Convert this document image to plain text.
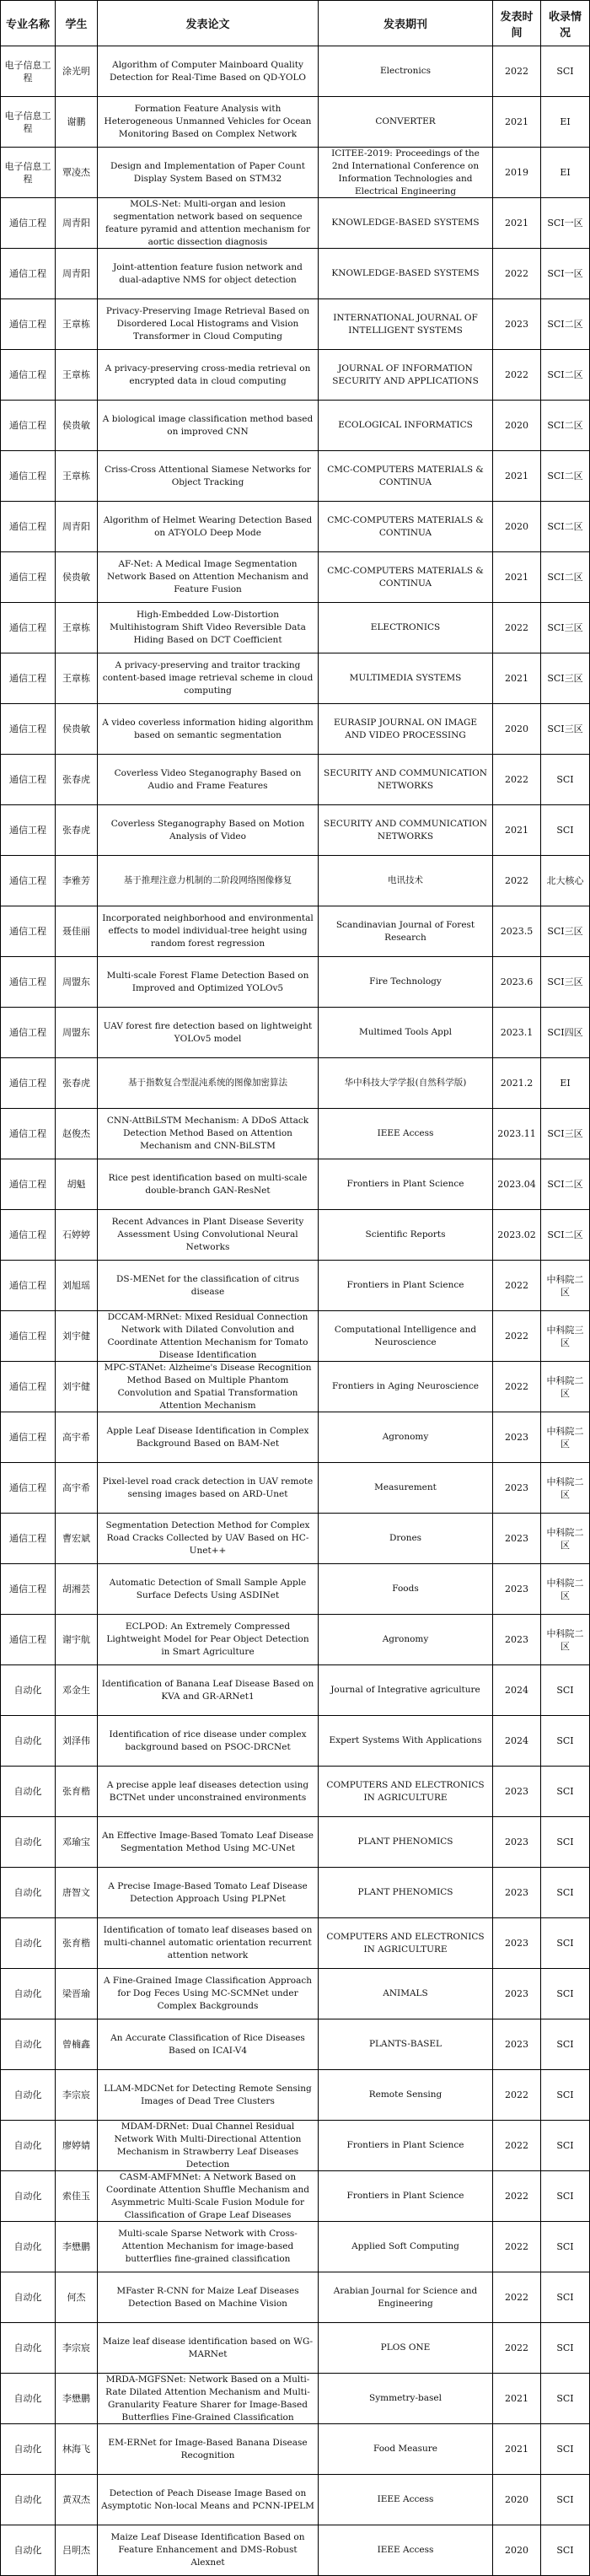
专业名称	学生	发表论文	发表期刊	发表时间	收录情况

电子信息工程	涂光明	Algorithm of Computer Mainboard Quality Detection for Real-Time Based on QD-YOLO	Electronics	2022	SCI

电子信息工程	谢鹏	Formation Feature Analysis with Heterogeneous Unmanned Vehicles for Ocean Monitoring Based on Complex Network	CONVERTER	2021	EI

电子信息工程	覃凌杰	Design and Implementation of Paper Count Display System Based on STM32	ICITEE-2019: Proceedings of the 2nd International Conference on Information Technologies and Electrical Engineering	2019	EI

通信工程	周青阳	MOLS-Net: Multi-organ and lesion segmentation network based on sequence feature pyramid and attention mechanism for aortic dissection diagnosis	KNOWLEDGE-BASED SYSTEMS	2021	SCI一区

通信工程	周青阳	Joint-attention feature fusion network and dual-adaptive NMS for object detection	KNOWLEDGE-BASED SYSTEMS	2022	SCI一区

通信工程	王章栋	Privacy-Preserving Image Retrieval Based on Disordered Local Histograms and Vision Transformer in Cloud Computing	INTERNATIONAL JOURNAL OF INTELLIGENT SYSTEMS	2023	SCI二区

通信工程	王章栋	A privacy-preserving cross-media retrieval on encrypted data in cloud computing	JOURNAL OF INFORMATION SECURITY AND APPLICATIONS	2022	SCI二区

通信工程	侯贵敏	A biological image classification method based on improved CNN	ECOLOGICAL INFORMATICS	2020	SCI二区

通信工程	王章栋	Criss-Cross Attentional Siamese Networks for Object Tracking	CMC-COMPUTERS MATERIALS & CONTINUA	2021	SCI二区

通信工程	周青阳	Algorithm of Helmet Wearing Detection Based on AT-YOLO Deep Mode	CMC-COMPUTERS MATERIALS & CONTINUA	2020	SCI二区

通信工程	侯贵敏	AF-Net: A Medical Image Segmentation Network Based on Attention Mechanism and Feature Fusion	CMC-COMPUTERS MATERIALS & CONTINUA	2021	SCI二区

通信工程	王章栋	High-Embedded Low-Distortion Multihistogram Shift Video Reversible Data Hiding Based on DCT Coefficient	ELECTRONICS	2022	SCI三区

通信工程	王章栋	A privacy-preserving and traitor tracking content-based image retrieval scheme in cloud computing	MULTIMEDIA SYSTEMS	2021	SCI三区

通信工程	侯贵敏	A video coverless information hiding algorithm based on semantic segmentation	EURASIP JOURNAL ON IMAGE AND VIDEO PROCESSING	2020	SCI三区

通信工程	张春虎	Coverless Video Steganography Based on Audio and Frame Features	SECURITY AND COMMUNICATION NETWORKS	2022	SCI

通信工程	张春虎	Coverless Steganography Based on Motion Analysis of Video	SECURITY AND COMMUNICATION NETWORKS	2021	SCI

通信工程	李雅芳	基于推理注意力机制的二阶段网络图像修复	电讯技术	2022	北大核心

通信工程	聂佳丽	Incorporated neighborhood and environmental effects to model individual-tree height using random forest regression	Scandinavian Journal of Forest Research	2023.5	SCI三区

通信工程	周盟东	Multi-scale Forest Flame Detection Based on Improved and Optimized YOLOv5	Fire Technology	2023.6	SCI三区

通信工程	周盟东	UAV forest fire detection based on lightweight YOLOv5 model	Multimed Tools Appl	2023.1	SCI四区

通信工程	张春虎	基于指数复合型混沌系统的图像加密算法	华中科技大学学报(自然科学版)	2021.2	EI

通信工程	赵俊杰	CNN-AttBiLSTM Mechanism: A DDoS Attack Detection Method Based on Attention Mechanism and CNN-BiLSTM	IEEE Access	2023.11	SCI三区

通信工程	胡魁	Rice pest identification based on multi-scale double-branch GAN-ResNet	Frontiers in Plant Science	2023.04	SCI二区

通信工程	石婷婷	Recent Advances in Plant Disease Severity Assessment Using Convolutional Neural Networks	Scientific Reports	2023.02	SCI二区

通信工程	刘旭瑶	DS-MENet for the classification of citrus disease	Frontiers in Plant Science	2022	中科院二区

通信工程	刘宇健	DCCAM-MRNet: Mixed Residual Connection Network with Dilated Convolution and Coordinate Attention Mechanism for Tomato Disease Identification	Computational Intelligence and Neuroscience	2022	中科院三区

通信工程	刘宇健	MPC-STANet: Alzheime's Disease Recognition Method Based on Multiple Phantom Convolution and Spatial Transformation Attention Mechanism	Frontiers in Aging Neuroscience	2022	中科院二区

通信工程	高宇希	Apple Leaf Disease Identification in Complex Background Based on BAM-Net	Agronomy	2023	中科院二区

通信工程	高宇希	Pixel-level road crack detection in UAV remote sensing images based on ARD-Unet	Measurement	2023	中科院二区

通信工程	曹宏斌	Segmentation Detection Method for Complex Road Cracks Collected by UAV Based on HC-Unet++	Drones	2023	中科院二区

通信工程	胡湘芸	Automatic Detection of Small Sample Apple Surface Defects Using ASDINet	Foods	2023	中科院二区

通信工程	谢宇航	ECLPOD: An Extremely Compressed Lightweight Model for Pear Object Detection in Smart Agriculture	Agronomy	2023	中科院二区

自动化	邓金生	Identification of Banana Leaf Disease Based on KVA and GR-ARNet1	Journal of Integrative agriculture	2024	SCI

自动化	刘泽伟	Identification of rice disease under complex background based on PSOC-DRCNet	Expert Systems With Applications	2024	SCI

自动化	张育楷	A precise apple leaf diseases detection using BCTNet under unconstrained environments	COMPUTERS AND ELECTRONICS IN AGRICULTURE	2023	SCI

自动化	邓瑜宝	An Effective Image-Based Tomato Leaf Disease Segmentation Method Using MC-UNet	PLANT PHENOMICS	2023	SCI

自动化	唐智文	A Precise Image-Based Tomato Leaf Disease Detection Approach Using PLPNet	PLANT PHENOMICS	2023	SCI

自动化	张育楷	Identification of tomato leaf diseases based on multi-channel automatic orientation recurrent attention network	COMPUTERS AND ELECTRONICS IN AGRICULTURE	2023	SCI

自动化	梁晋瑜	A Fine-Grained Image Classification Approach for Dog Feces Using MC-SCMNet under Complex Backgrounds	ANIMALS	2023	SCI

自动化	曾楠鑫	An Accurate Classification of Rice Diseases Based on ICAI-V4	PLANTS-BASEL	2023	SCI

自动化	李宗宸	LLAM-MDCNet for Detecting Remote Sensing Images of Dead Tree Clusters	Remote Sensing	2022	SCI

自动化	廖婷婧	MDAM-DRNet: Dual Channel Residual Network With Multi-Directional Attention Mechanism in Strawberry Leaf Diseases Detection	Frontiers in Plant Science	2022	SCI

自动化	索佳玉	CASM-AMFMNet: A Network Based on Coordinate Attention Shuffle Mechanism and Asymmetric Multi-Scale Fusion Module for Classification of Grape Leaf Diseases	Frontiers in Plant Science	2022	SCI

自动化	李懋鹏	Multi-scale Sparse Network with Cross-Attention Mechanism for image-based butterflies fine-grained classification	Applied Soft Computing	2022	SCI

自动化	何杰	MFaster R-CNN for Maize Leaf Diseases Detection Based on Machine Vision	Arabian Journal for Science and Engineering	2022	SCI

自动化	李宗宸	Maize leaf disease identification based on WG-MARNet	PLOS ONE	2022	SCI

自动化	李懋鹏	MRDA-MGFSNet: Network Based on a Multi-Rate Dilated Attention Mechanism and Multi-Granularity Feature Sharer for Image-Based Butterflies Fine-Grained Classification	Symmetry-basel	2021	SCI

自动化	林海飞	EM-ERNet for Image-Based Banana Disease Recognition	Food Measure	2021	SCI

自动化	黄双杰	Detection of Peach Disease Image Based on Asymptotic Non-local Means and PCNN-IPELM	IEEE Access	2020	SCI

自动化	吕明杰	Maize Leaf Disease Identification Based on Feature Enhancement and DMS-Robust Alexnet	IEEE Access	2020	SCI
